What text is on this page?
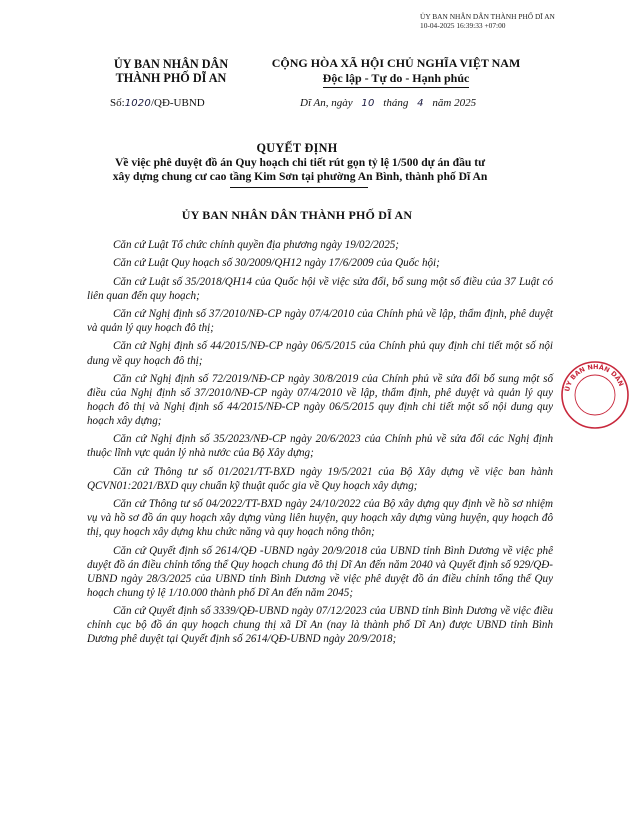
ỦY BAN NHÂN DÂN THÀNH PHỐ DĨ AN
10-04-2025 16:39:33 +07:00
ỦY BAN NHÂN DÂN
THÀNH PHỐ DĨ AN
Số:1020/QĐ-UBND
CỘNG HÒA XÃ HỘI CHỦ NGHĨA VIỆT NAM
Độc lập - Tự do - Hạnh phúc
Dĩ An, ngày 10 tháng 4 năm 2025
QUYẾT ĐỊNH
Về việc phê duyệt đồ án Quy hoạch chi tiết rút gọn tỷ lệ 1/500 dự án đầu tư
xây dựng chung cư cao tầng Kim Sơn tại phường An Bình, thành phố Dĩ An
ỦY BAN NHÂN DÂN THÀNH PHỐ DĨ AN

Căn cứ Luật Tổ chức chính quyền địa phương ngày 19/02/2025;

Căn cứ Luật Quy hoạch số 30/2009/QH12 ngày 17/6/2009 của Quốc hội;

Căn cứ Luật số 35/2018/QH14 của Quốc hội về việc sửa đổi, bổ sung một số điều của 37 Luật có liên quan đến quy hoạch;

Căn cứ Nghị định số 37/2010/NĐ-CP ngày 07/4/2010 của Chính phủ về lập, thẩm định, phê duyệt và quản lý quy hoạch đô thị;

Căn cứ Nghị định số 44/2015/NĐ-CP ngày 06/5/2015 của Chính phủ quy định chi tiết một số nội dung về quy hoạch đô thị;

Căn cứ Nghị định số 72/2019/NĐ-CP ngày 30/8/2019 của Chính phủ về sửa đổi bổ sung một số điều của Nghị định số 37/2010/NĐ-CP ngày 07/4/2010 về lập, thẩm định, phê duyệt và quản lý quy hoạch đô thị và Nghị định số 44/2015/NĐ-CP ngày 06/5/2015 quy định chi tiết một số nội dung quy hoạch xây dựng;

Căn cứ Nghị định số 35/2023/NĐ-CP ngày 20/6/2023 của Chính phủ về sửa đổi các Nghị định thuộc lĩnh vực quản lý nhà nước của Bộ Xây dựng;

Căn cứ Thông tư số 01/2021/TT-BXD ngày 19/5/2021 của Bộ Xây dựng về việc ban hành QCVN01:2021/BXD quy chuẩn kỹ thuật quốc gia về Quy hoạch xây dựng;

Căn cứ Thông tư số 04/2022/TT-BXD ngày 24/10/2022 của Bộ xây dựng quy định về hồ sơ nhiệm vụ và hồ sơ đồ án quy hoạch xây dựng vùng liên huyện, quy hoạch xây dựng vùng huyện, quy hoạch đô thị, quy hoạch xây dựng khu chức năng và quy hoạch nông thôn;

Căn cứ Quyết định số 2614/QĐ -UBND ngày 20/9/2018 của UBND tỉnh Bình Dương về việc phê duyệt đồ án điều chỉnh tổng thể Quy hoạch chung đô thị Dĩ An đến năm 2040 và Quyết định số 929/QĐ-UBND ngày 28/3/2025 của UBND tỉnh Bình Dương về việc phê duyệt đồ án điều chỉnh tổng thể Quy hoạch chung tỷ lệ 1/10.000 thành phố Dĩ An đến năm 2045;

Căn cứ Quyết định số 3339/QĐ-UBND ngày 07/12/2023 của UBND tỉnh Bình Dương về việc điều chỉnh cục bộ đồ án quy hoạch chung thị xã Dĩ An (nay là thành phố Dĩ An) được UBND tỉnh Bình Dương phê duyệt tại Quyết định số 2614/QĐ-UBND ngày 20/9/2018;

ỦY BAN NHÂN DÂN
